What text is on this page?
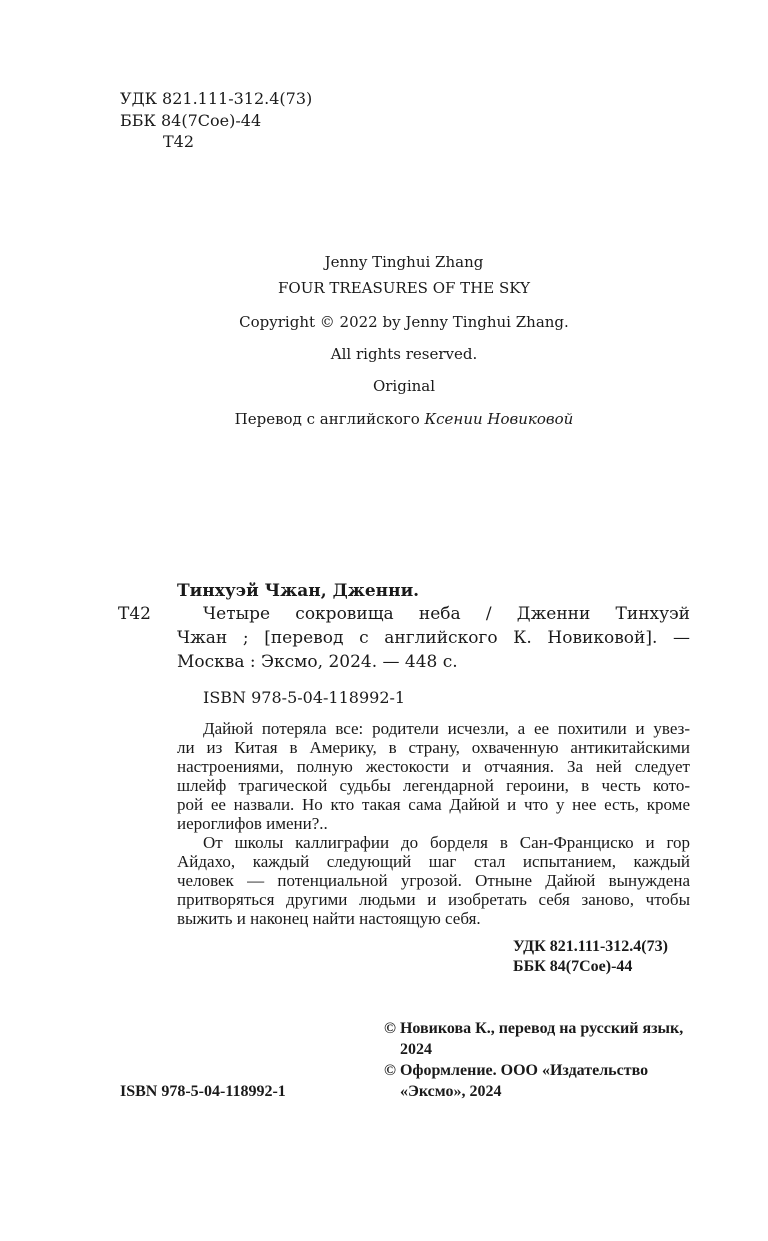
УДК 821.111-312.4(73)
ББК 84(7Сое)-44
Т42
Jenny Tinghui Zhang
FOUR TREASURES OF THE SKY
Copyright © 2022 by Jenny Tinghui Zhang.
All rights reserved.
Original
Перевод с английского Ксении Новиковой
Тинхуэй Чжан, Дженни.
Т42	Четыре сокровища неба / Дженни Тинхуэй
Чжан ; [перевод с английского К. Новиковой]. —
Москва : Эксмо, 2024. — 448 с.
ISBN 978-5-04-118992-1
Дайюй потеряла все: родители исчезли, а ее похитили и увез-
ли из Китая в Америку, в страну, охваченную антикитайскими
настроениями, полную жестокости и отчаяния. За ней следует
шлейф трагической судьбы легендарной героини, в честь кото-
рой ее назвали. Но кто такая сама Дайюй и что у нее есть, кроме
иероглифов имени?..
От школы каллиграфии до борделя в Сан-Франциско и гор
Айдахо, каждый следующий шаг стал испытанием, каждый
человек — потенциальной угрозой. Отныне Дайюй вынуждена
притворяться другими людьми и изобретать себя заново, чтобы
выжить и наконец найти настоящую себя.
УДК 821.111-312.4(73)
ББК 84(7Сое)-44
© Новикова К., перевод на русский язык,
2024
© Оформление. ООО «Издательство
«Эксмо», 2024
ISBN 978-5-04-118992-1
